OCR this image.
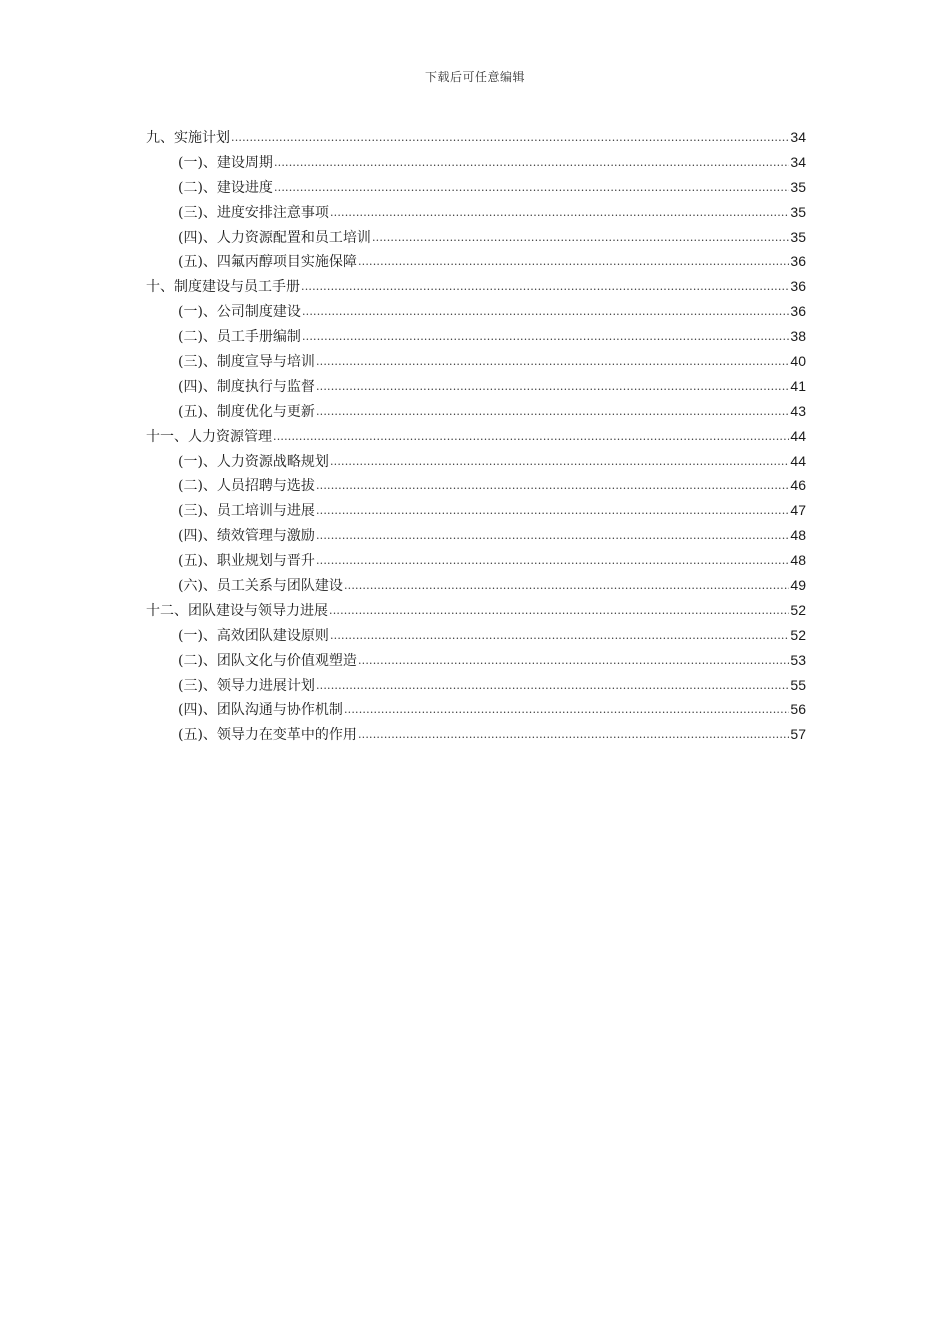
下载后可任意编辑
九、实施计划 .....	34
(一)、建设周期 .....	34
(二)、建设进度 .....	35
(三)、进度安排注意事项 .....	35
(四)、人力资源配置和员工培训 .....	35
(五)、四氟丙醇项目实施保障 .....	36
十、制度建设与员工手册 .....	36
(一)、公司制度建设 .....	36
(二)、员工手册编制 .....	38
(三)、制度宣导与培训 .....	40
(四)、制度执行与监督 .....	41
(五)、制度优化与更新 .....	43
十一、人力资源管理 .....	44
(一)、人力资源战略规划 .....	44
(二)、人员招聘与选拔 .....	46
(三)、员工培训与进展 .....	47
(四)、绩效管理与激励 .....	48
(五)、职业规划与晋升 .....	48
(六)、员工关系与团队建设 .....	49
十二、团队建设与领导力进展 .....	52
(一)、高效团队建设原则 .....	52
(二)、团队文化与价值观塑造 .....	53
(三)、领导力进展计划 .....	55
(四)、团队沟通与协作机制 .....	56
(五)、领导力在变革中的作用 .....	57
